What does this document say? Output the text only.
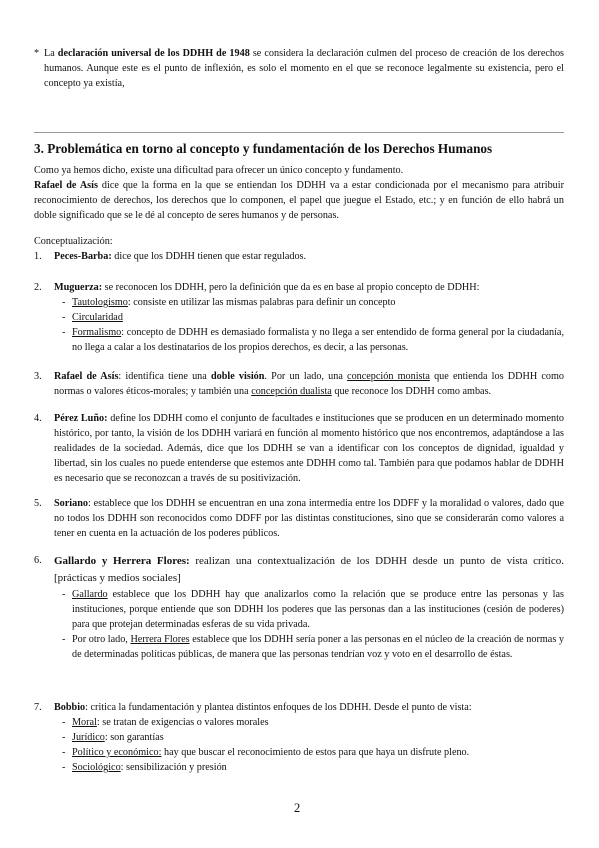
* La declaración universal de los DDHH de 1948 se considera la declaración culmen del proceso de creación de los derechos humanos. Aunque este es el punto de inflexión, es solo el momento en el que se reconoce legalmente su existencia, pero el concepto ya existía,

3. Problemática en torno al concepto y fundamentación de los Derechos Humanos

Como ya hemos dicho, existe una dificultad para ofrecer un único concepto y fundamento.

Rafael de Asís dice que la forma en la que se entiendan los DDHH va a estar condicionada por el mecanismo para atribuir reconocimiento de derechos, los derechos que lo componen, el papel que juegue el Estado, etc.; y en función de ello habrá un doble significado que se le dé al concepto de seres humanos y de personas.

Conceptualización:

1. Peces-Barba: dice que los DDHH tienen que estar regulados.

2. Muguerza: se reconocen los DDHH, pero la definición que da es en base al propio concepto de DDHH:

- Tautologismo: consiste en utilizar las mismas palabras para definir un concepto

- Circularidad

- Formalismo: concepto de DDHH es demasiado formalista y no llega a ser entendido de forma general por la ciudadanía, no llega a calar a los destinatarios de los propios derechos, es decir, a las personas.

3. Rafael de Asís: identifica tiene una doble visión. Por un lado, una concepción monista que entienda los DDHH como normas o valores éticos-morales; y también una concepción dualista que reconoce los DDHH como ambas.

4. Pérez Luño: define los DDHH como el conjunto de facultades e instituciones que se producen en un determinado momento histórico, por tanto, la visión de los DDHH variará en función al momento histórico que nos encontremos, adaptándose a las realidades de la sociedad. Además, dice que los DDHH se van a identificar con los conceptos de dignidad, igualdad y libertad, sin los cuales no puede entenderse que estemos ante DDHH como tal. También para que podamos hablar de DDHH es necesario que se reconozcan a través de su positivización.

5. Soriano: establece que los DDHH se encuentran en una zona intermedia entre los DDFF y la moralidad o valores, dado que no todos los DDHH son reconocidos como DDFF por las distintas constituciones, sino que se considerarán como valores a tener en cuenta en la actuación de los poderes públicos.

6. Gallardo y Herrera Flores: realizan una contextualización de los DDHH desde un punto de vista crítico. [prácticas y medios sociales]

- Gallardo establece que los DDHH hay que analizarlos como la relación que se produce entre las personas y las instituciones, porque entiende que son DDHH los poderes que las personas dan a las instituciones (cesión de poderes) para que protejan determinadas esferas de su vida privada.

- Por otro lado, Herrera Flores establece que los DDHH sería poner a las personas en el núcleo de la creación de normas y de determinadas políticas públicas, de manera que las personas tendrían voz y voto en el desarrollo de éstas.

7. Bobbio: critica la fundamentación y plantea distintos enfoques de los DDHH. Desde el punto de vista:

- Moral: se tratan de exigencias o valores morales

- Jurídico: son garantías

- Político y económico: hay que buscar el reconocimiento de estos para que haya un disfrute pleno.

- Sociológico: sensibilización y presión

2
